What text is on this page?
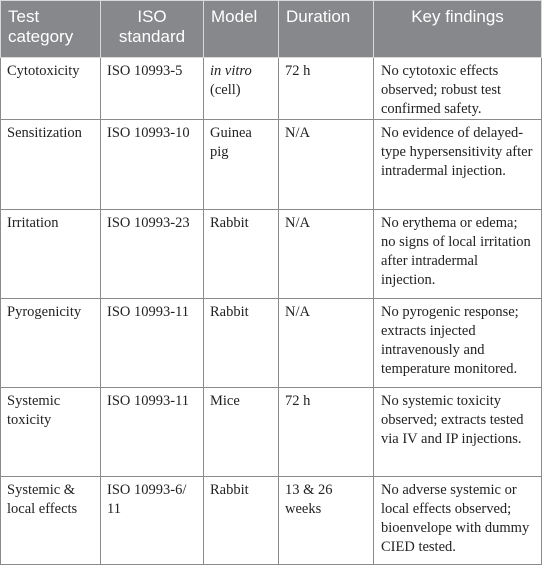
Test category	ISO standard	Model	Duration	Key findings
Cytotoxicity	ISO 10993-5	in vitro (cell)	72 h	No cytotoxic effects observed; robust test confirmed safety.
Sensitization	ISO 10993-10	Guinea pig	N/A	No evidence of delayed-type hypersensitivity after intradermal injection.
Irritation	ISO 10993-23	Rabbit	N/A	No erythema or edema; no signs of local irritation after intradermal injection.
Pyrogenicity	ISO 10993-11	Rabbit	N/A	No pyrogenic response; extracts injected intravenously and temperature monitored.
Systemic toxicity	ISO 10993-11	Mice	72 h	No systemic toxicity observed; extracts tested via IV and IP injections.
Systemic & local effects	ISO 10993-6/ 11	Rabbit	13 & 26 weeks	No adverse systemic or local effects observed; bioenvelope with dummy CIED tested.
